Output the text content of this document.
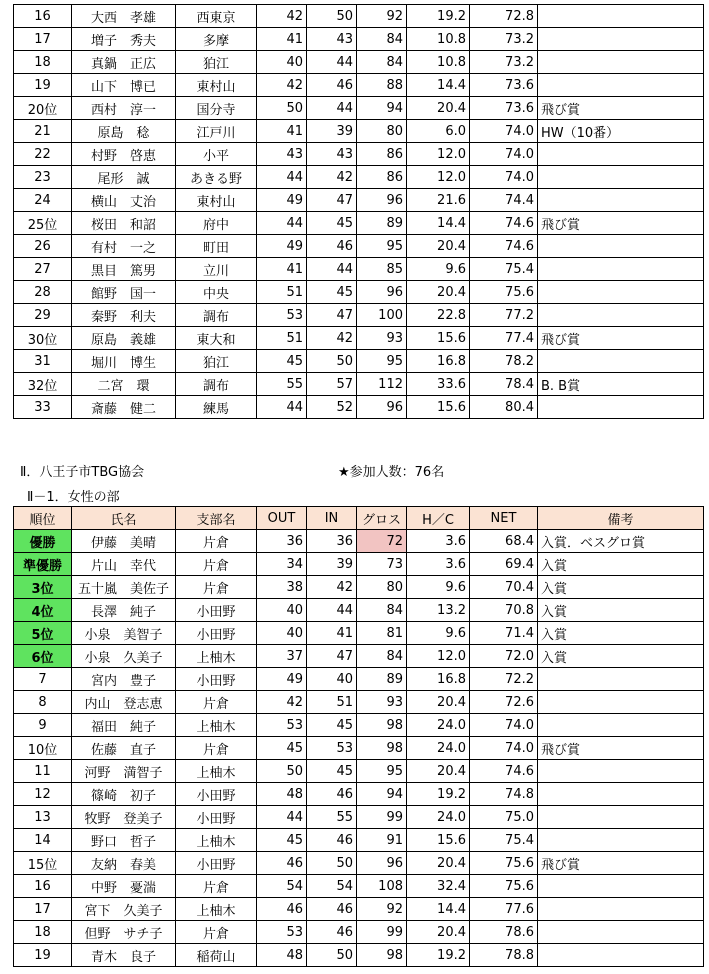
16	大西　孝雄	西東京	42	50	92	19.2	72.8	
17	増子　秀夫	多摩	41	43	84	10.8	73.2	
18	真鍋　正広	狛江	40	44	84	10.8	73.2	
19	山下　博已	東村山	42	46	88	14.4	73.6	
20位	西村　淳一	国分寺	50	44	94	20.4	73.6	飛び賞
21	原島　稔	江戸川	41	39	80	6.0	74.0	HW（10番）
22	村野　啓恵	小平	43	43	86	12.0	74.0	
23	尾形　誠	あきる野	44	42	86	12.0	74.0	
24	横山　丈治	東村山	49	47	96	21.6	74.4	
25位	桜田　和詔	府中	44	45	89	14.4	74.6	飛び賞
26	有村　一之	町田	49	46	95	20.4	74.6	
27	黒目　篤男	立川	41	44	85	9.6	75.4	
28	館野　国一	中央	51	45	96	20.4	75.6	
29	秦野　利夫	調布	53	47	100	22.8	77.2	
30位	原島　義雄	東大和	51	42	93	15.6	77.4	飛び賞
31	堀川　博生	狛江	45	50	95	16.8	78.2	
32位	二宮　環	調布	55	57	112	33.6	78.4	B. B賞
33	斎藤　健二	練馬	44	52	96	15.6	80.4	
Ⅱ．八王子市TBG協会	★参加人数：76名
Ⅱ－1．女性の部
順位	氏名	支部名	OUT	IN	グロス	H／C	NET	備考
優勝	伊藤　美晴	片倉	36	36	72	3.6	68.4	入賞．ベスグロ賞
準優勝	片山　幸代	片倉	34	39	73	3.6	69.4	入賞
3位	五十嵐　美佐子	片倉	38	42	80	9.6	70.4	入賞
4位	長澤　純子	小田野	40	44	84	13.2	70.8	入賞
5位	小泉　美智子	小田野	40	41	81	9.6	71.4	入賞
6位	小泉　久美子	上柚木	37	47	84	12.0	72.0	入賞
7	宮内　豊子	小田野	49	40	89	16.8	72.2	
8	内山　登志恵	片倉	42	51	93	20.4	72.6	
9	福田　純子	上柚木	53	45	98	24.0	74.0	
10位	佐藤　直子	片倉	45	53	98	24.0	74.0	飛び賞
11	河野　満智子	上柚木	50	45	95	20.4	74.6	
12	篠崎　初子	小田野	48	46	94	19.2	74.8	
13	牧野　登美子	小田野	44	55	99	24.0	75.0	
14	野口　哲子	上柚木	45	46	91	15.6	75.4	
15位	友納　春美	小田野	46	50	96	20.4	75.6	飛び賞
16	中野　憂湍	片倉	54	54	108	32.4	75.6	
17	宮下　久美子	上柚木	46	46	92	14.4	77.6	
18	但野　サチ子	片倉	53	46	99	20.4	78.6	
19	青木　良子	稲荷山	48	50	98	19.2	78.8	
